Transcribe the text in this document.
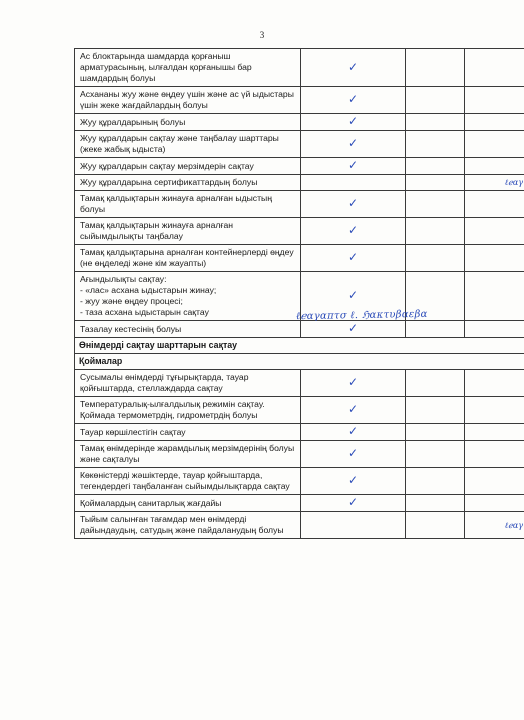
3
Ас блоктарында шамдарда қорғаныш арматурасының, ылғалдан қорғанышы бар шамдардың болуы	✓		
Асхананы жуу және өңдеу үшін және ас үй ыдыстары үшін жеке жағдайлардың болуы	✓		
Жуу құралдарының болуы	✓		
Жуу құралдарын сақтау және таңбалау шарттары (жеке жабық ыдыста)	✓		
Жуу құралдарын сақтау мерзімдерін сақтау	✓		
Жуу құралдарына сертификаттардың болуы			ℓℯαγ
Тамақ қалдықтарын жинауға арналған ыдыстың болуы	✓		
Тамақ қалдықтарын жинауға арналған сыйымдылықты таңбалау	✓		
Тамақ қалдықтарына арналған контейнерлерді өңдеу (не өңделеді және кім жауапты)	✓		
Ағындылықты сақтау:
- «лас» асхана ыдыстарын жинау;
- жуу және өңдеу процесі;
- таза асхана ыдыстарын сақтау	✓		
Тазалау кестесінің болуы	✓		
Өнімдерді сақтау шарттарын сақтау			
Қоймалар			
Сусымалы өнімдерді тұғырықтарда, тауар қойғыштарда, стеллаждарда сақтау	✓		
Температуралық-ылғалдылық режимін сақтау. Қоймада термометрдің, гидрометрдің болуы	✓		
Тауар көршілестігін сақтау	✓		
Тамақ өнімдерінде жарамдылық мерзімдерінің болуы және сақталуы	✓		
Көкөністерді жәшіктерде, тауар қойғыштарда, тегендердегі таңбаланған сыйымдылықтарда сақтау	✓		
Қоймалардың санитарлық жағдайы	✓		
Тыйым салынған тағамдар мен өнімдерді дайындаудың, сатудың және пайдаланудың болуы			ℓℯαγ
ℓℯαγαπτσ ℓ. ℌακτυβαεβα
